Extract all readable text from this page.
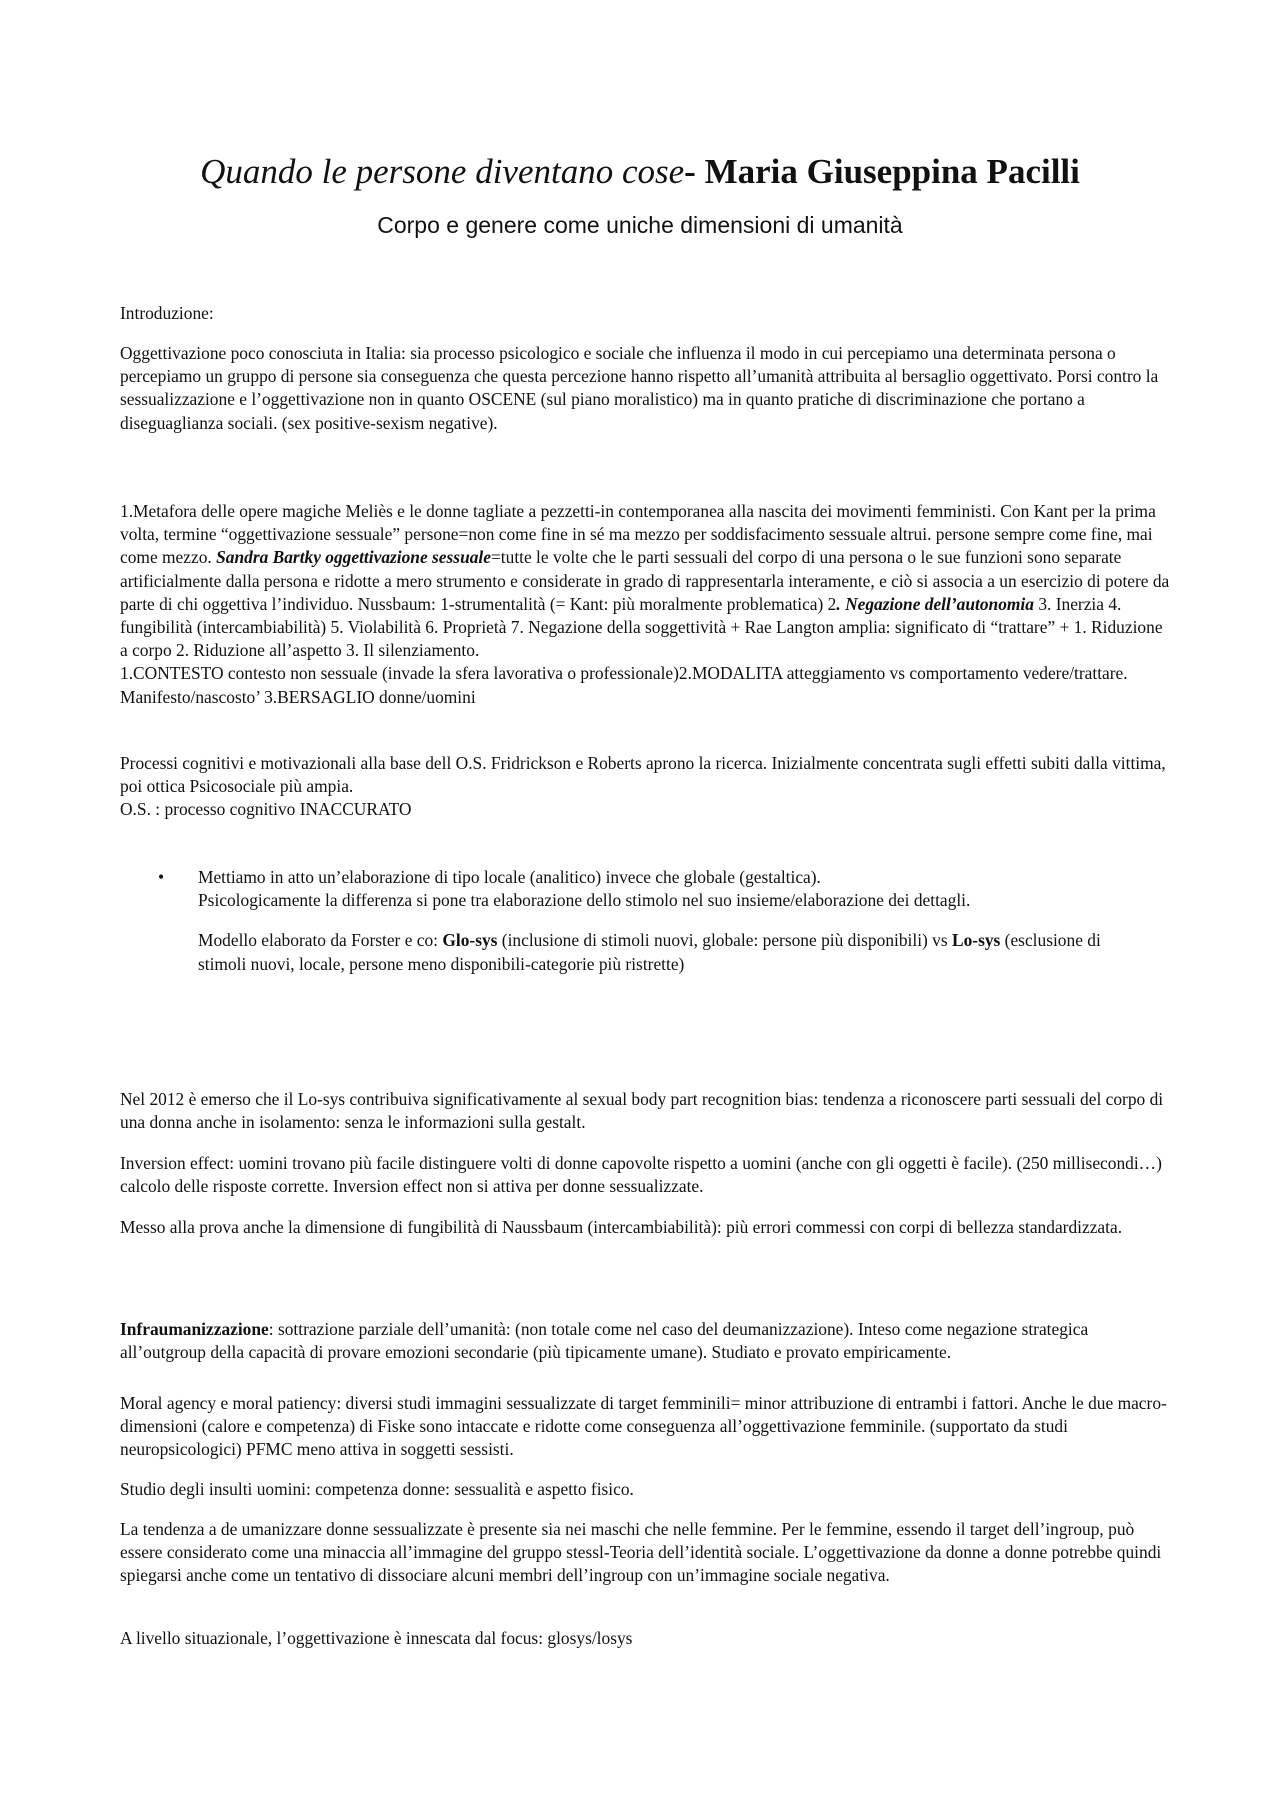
Quando le persone diventano cose- Maria Giuseppina Pacilli
Corpo e genere come uniche dimensioni di umanità

Introduzione:

Oggettivazione poco conosciuta in Italia: sia processo psicologico e sociale che influenza il modo in cui percepiamo una determinata persona o percepiamo un gruppo di persone sia conseguenza che questa percezione hanno rispetto all’umanità attribuita al bersaglio oggettivato. Porsi contro la sessualizzazione e l’oggettivazione non in quanto OSCENE (sul piano moralistico) ma in quanto pratiche di discriminazione che portano a diseguaglianza sociali. (sex positive-sexism negative).

1.Metafora delle opere magiche Meliès e le donne tagliate a pezzetti-in contemporanea alla nascita dei movimenti femministi. Con Kant per la prima volta, termine “oggettivazione sessuale” persone=non come fine in sé ma mezzo per soddisfacimento sessuale altrui. persone sempre come fine, mai come mezzo. Sandra Bartky oggettivazione sessuale=tutte le volte che le parti sessuali del corpo di una persona o le sue funzioni sono separate artificialmente dalla persona e ridotte a mero strumento e considerate in grado di rappresentarla interamente, e ciò si associa a un esercizio di potere da parte di chi oggettiva l’individuo. Nussbaum: 1-strumentalità (= Kant: più moralmente problematica) 2. Negazione dell’autonomia 3. Inerzia 4. fungibilità (intercambiabilità) 5. Violabilità 6. Proprietà 7. Negazione della soggettività + Rae Langton amplia: significato di “trattare” + 1. Riduzione a corpo 2. Riduzione all’aspetto 3. Il silenziamento.
1.CONTESTO contesto non sessuale (invade la sfera lavorativa o professionale)2.MODALITA atteggiamento vs comportamento vedere/trattare. Manifesto/nascosto’ 3.BERSAGLIO donne/uomini

Processi cognitivi e motivazionali alla base dell O.S. Fridrickson e Roberts aprono la ricerca. Inizialmente concentrata sugli effetti subiti dalla vittima, poi ottica Psicosociale più ampia.
O.S. : processo cognitivo INACCURATO

• Mettiamo in atto un’elaborazione di tipo locale (analitico) invece che globale (gestaltica).
Psicologicamente la differenza si pone tra elaborazione dello stimolo nel suo insieme/elaborazione dei dettagli.
Modello elaborato da Forster e co: Glo-sys (inclusione di stimoli nuovi, globale: persone più disponibili) vs Lo-sys (esclusione di stimoli nuovi, locale, persone meno disponibili-categorie più ristrette)

Nel 2012 è emerso che il Lo-sys contribuiva significativamente al sexual body part recognition bias: tendenza a riconoscere parti sessuali del corpo di una donna anche in isolamento: senza le informazioni sulla gestalt.

Inversion effect: uomini trovano più facile distinguere volti di donne capovolte rispetto a uomini (anche con gli oggetti è facile). (250 millisecondi…) calcolo delle risposte corrette. Inversion effect non si attiva per donne sessualizzate.

Messo alla prova anche la dimensione di fungibilità di Naussbaum (intercambiabilità): più errori commessi con corpi di bellezza standardizzata.

Infraumanizzazione: sottrazione parziale dell’umanità: (non totale come nel caso del deumanizzazione). Inteso come negazione strategica all’outgroup della capacità di provare emozioni secondarie (più tipicamente umane). Studiato e provato empiricamente.

Moral agency e moral patiency: diversi studi immagini sessualizzate di target femminili= minor attribuzione di entrambi i fattori. Anche le due macro-dimensioni (calore e competenza) di Fiske sono intaccate e ridotte come conseguenza all’oggettivazione femminile. (supportato da studi neuropsicologici) PFMC meno attiva in soggetti sessisti.

Studio degli insulti uomini: competenza donne: sessualità e aspetto fisico.

La tendenza a de umanizzare donne sessualizzate è presente sia nei maschi che nelle femmine. Per le femmine, essendo il target dell’ingroup, può essere considerato come una minaccia all’immagine del gruppo stessl-Teoria dell’identità sociale. L’oggettivazione da donne a donne potrebbe quindi spiegarsi anche come un tentativo di dissociare alcuni membri dell’ingroup con un’immagine sociale negativa.

A livello situazionale, l’oggettivazione è innescata dal focus: glosys/losys
